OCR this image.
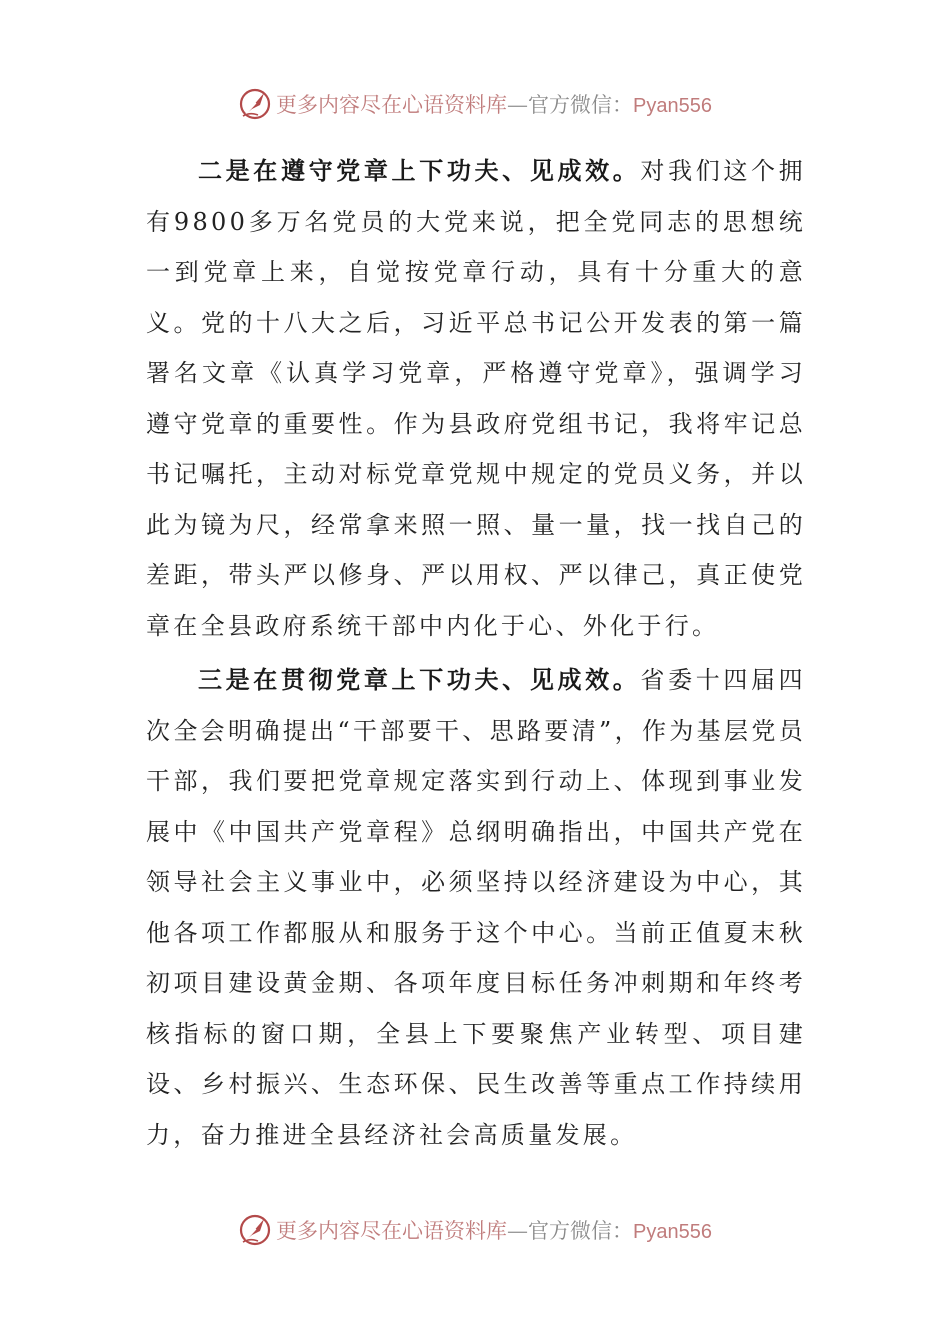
更多内容尽在心语资料库—官方微信：Pyan556

二是在遵守党章上下功夫、见成效。对我们这个拥有9800多万名党员的大党来说，把全党同志的思想统一到党章上来，自觉按党章行动，具有十分重大的意义。党的十八大之后，习近平总书记公开发表的第一篇署名文章《认真学习党章，严格遵守党章》，强调学习遵守党章的重要性。作为县政府党组书记，我将牢记总书记嘱托，主动对标党章党规中规定的党员义务，并以此为镜为尺，经常拿来照一照、量一量，找一找自己的差距，带头严以修身、严以用权、严以律己，真正使党章在全县政府系统干部中内化于心、外化于行。

三是在贯彻党章上下功夫、见成效。省委十四届四次全会明确提出“干部要干、思路要清”，作为基层党员干部，我们要把党章规定落实到行动上、体现到事业发展中《中国共产党章程》总纲明确指出，中国共产党在领导社会主义事业中，必须坚持以经济建设为中心，其他各项工作都服从和服务于这个中心。当前正值夏末秋初项目建设黄金期、各项年度目标任务冲刺期和年终考核指标的窗口期，全县上下要聚焦产业转型、项目建设、乡村振兴、生态环保、民生改善等重点工作持续用力，奋力推进全县经济社会高质量发展。

更多内容尽在心语资料库—官方微信：Pyan556
